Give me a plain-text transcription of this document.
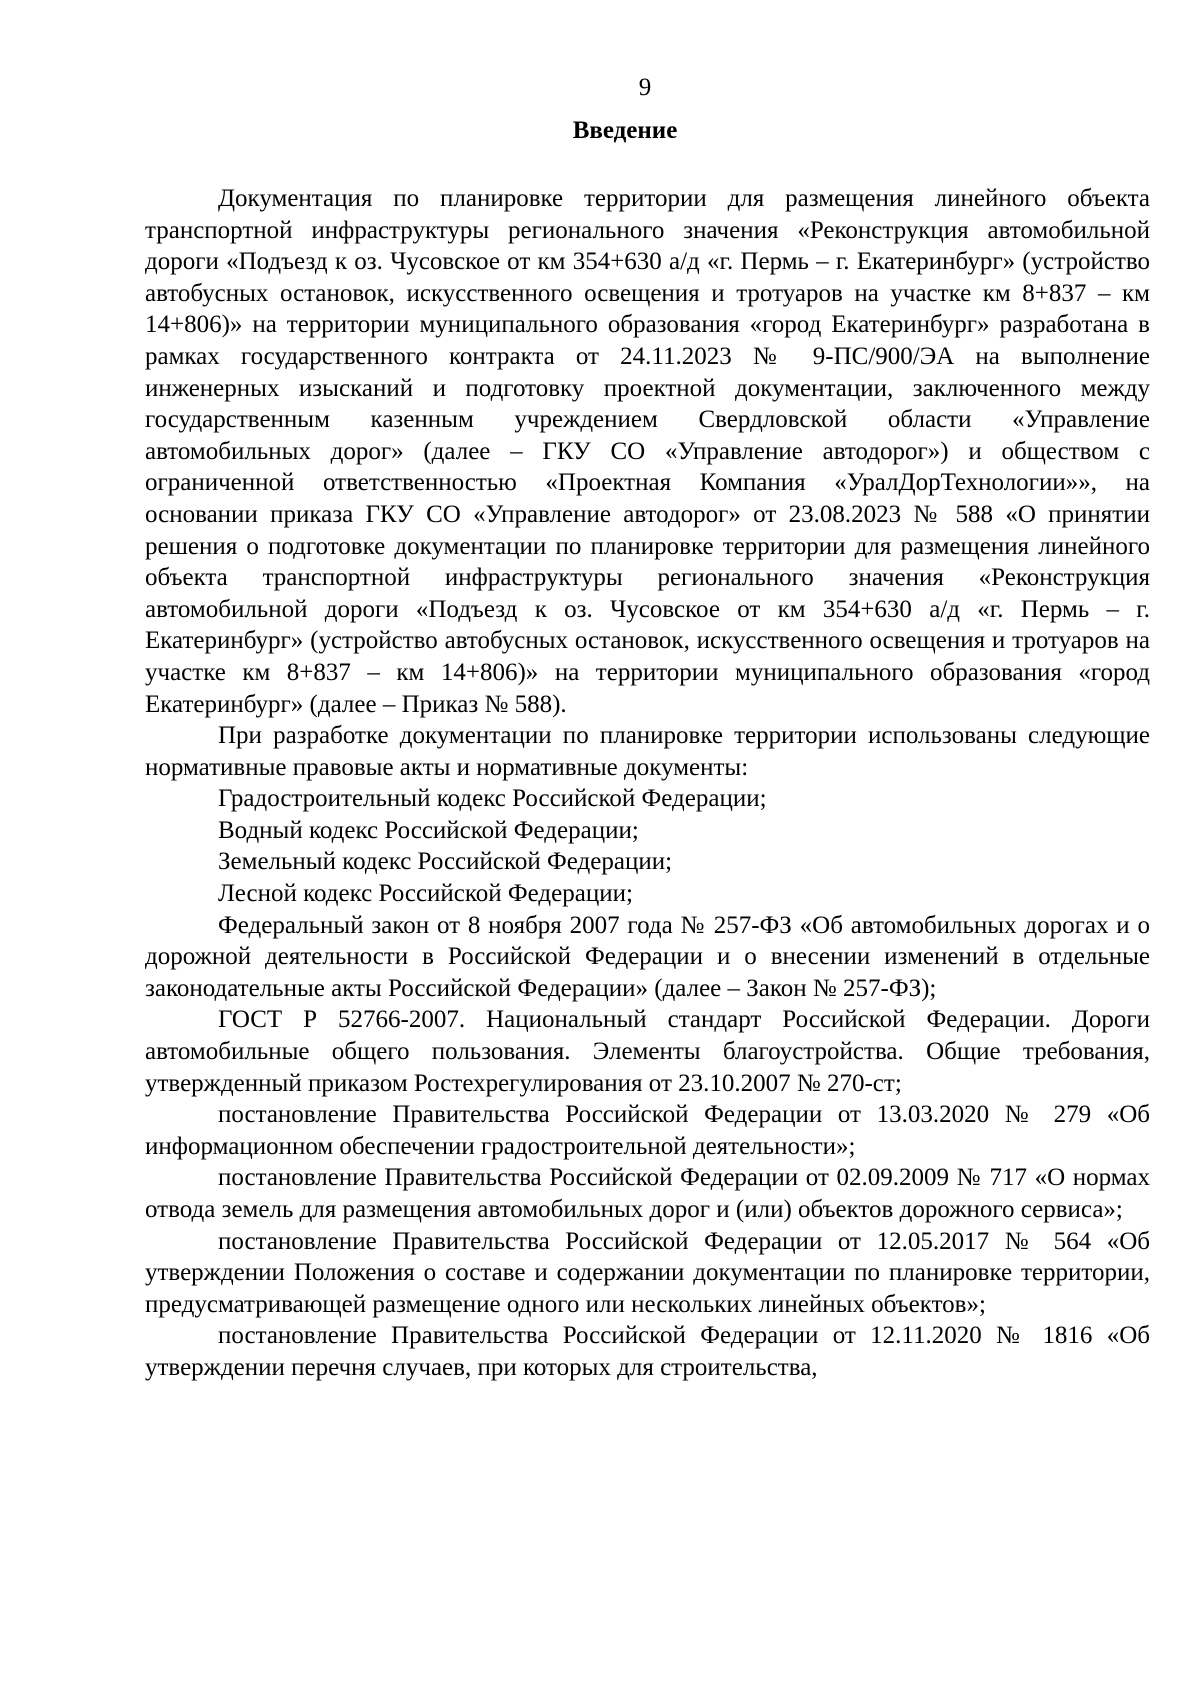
9
Введение

Документация по планировке территории для размещения линейного объекта транспортной инфраструктуры регионального значения «Реконструкция автомобильной дороги «Подъезд к оз. Чусовское от км 354+630 а/д «г. Пермь – г. Екатеринбург» (устройство автобусных остановок, искусственного освещения и тротуаров на участке км 8+837 – км 14+806)» на территории муниципального образования «город Екатеринбург» разработана в рамках государственного контракта от 24.11.2023 № 9-ПС/900/ЭА на выполнение инженерных изысканий и подготовку проектной документации, заключенного между государственным казенным учреждением Свердловской области «Управление автомобильных дорог» (далее – ГКУ СО «Управление автодорог») и обществом с ограниченной ответственностью «Проектная Компания «УралДорТехнологии»», на основании приказа ГКУ СО «Управление автодорог» от 23.08.2023 № 588 «О принятии решения о подготовке документации по планировке территории для размещения линейного объекта транспортной инфраструктуры регионального значения «Реконструкция автомобильной дороги «Подъезд к оз. Чусовское от км 354+630 а/д «г. Пермь – г. Екатеринбург» (устройство автобусных остановок, искусственного освещения и тротуаров на участке км 8+837 – км 14+806)» на территории муниципального образования «город Екатеринбург» (далее – Приказ № 588).

При разработке документации по планировке территории использованы следующие нормативные правовые акты и нормативные документы:

Градостроительный кодекс Российской Федерации;

Водный кодекс Российской Федерации;

Земельный кодекс Российской Федерации;

Лесной кодекс Российской Федерации;

Федеральный закон от 8 ноября 2007 года № 257-ФЗ «Об автомобильных дорогах и о дорожной деятельности в Российской Федерации и о внесении изменений в отдельные законодательные акты Российской Федерации» (далее – Закон № 257-ФЗ);

ГОСТ Р 52766-2007. Национальный стандарт Российской Федерации. Дороги автомобильные общего пользования. Элементы благоустройства. Общие требования, утвержденный приказом Ростехрегулирования от 23.10.2007 № 270-ст;

постановление Правительства Российской Федерации от 13.03.2020 № 279 «Об информационном обеспечении градостроительной деятельности»;

постановление Правительства Российской Федерации от 02.09.2009 № 717 «О нормах отвода земель для размещения автомобильных дорог и (или) объектов дорожного сервиса»;

постановление Правительства Российской Федерации от 12.05.2017 № 564 «Об утверждении Положения о составе и содержании документации по планировке территории, предусматривающей размещение одного или нескольких линейных объектов»;

постановление Правительства Российской Федерации от 12.11.2020 № 1816 «Об утверждении перечня случаев, при которых для строительства,
